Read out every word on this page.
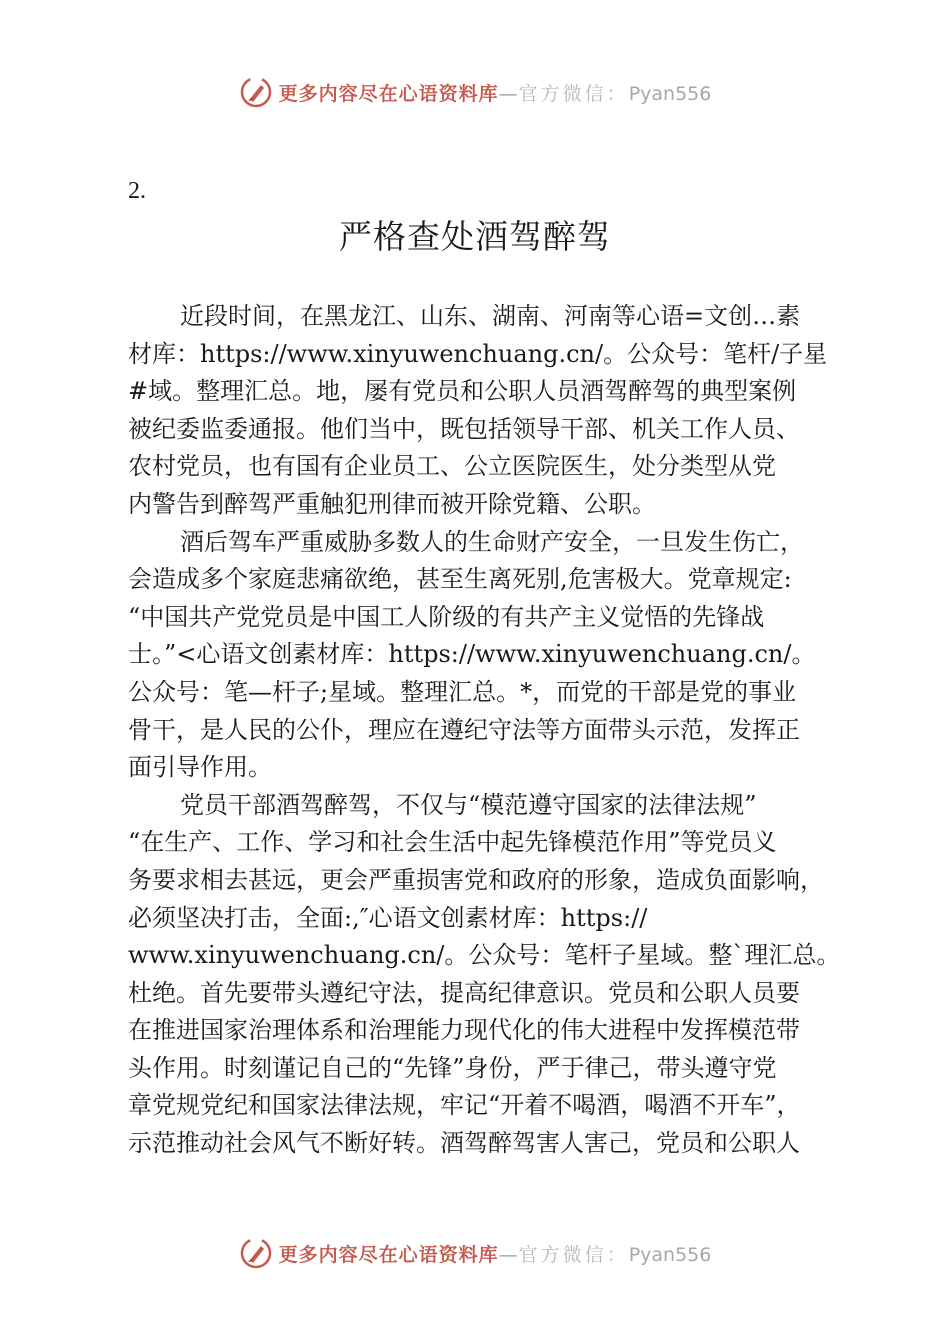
更多内容尽在心语资料库—官方微信：Pyan556
2.
严格查处酒驾醉驾
近段时间，在黑龙江、山东、湖南、河南等心语=文创…素
材库：https://www.xinyuwenchuang.cn/。公众号：笔杆/子星
#域。整理汇总。地，屡有党员和公职人员酒驾醉驾的典型案例
被纪委监委通报。他们当中，既包括领导干部、机关工作人员、
农村党员，也有国有企业员工、公立医院医生，处分类型从党
内警告到醉驾严重触犯刑律而被开除党籍、公职。
酒后驾车严重威胁多数人的生命财产安全，一旦发生伤亡，
会造成多个家庭悲痛欲绝，甚至生离死别,危害极大。党章规定:
“中国共产党党员是中国工人阶级的有共产主义觉悟的先锋战
士。”<心语文创素材库：https://www.xinyuwenchuang.cn/。
公众号：笔—杆子;星域。整理汇总。*，而党的干部是党的事业
骨干，是人民的公仆，理应在遵纪守法等方面带头示范，发挥正
面引导作用。
党员干部酒驾醉驾，不仅与“模范遵守国家的法律法规”
“在生产、工作、学习和社会生活中起先锋模范作用”等党员义
务要求相去甚远，更会严重损害党和政府的形象，造成负面影响，
必须坚决打击，全面:,″心语文创素材库：https://
www.xinyuwenchuang.cn/。公众号：笔杆子星域。整`理汇总。
杜绝。首先要带头遵纪守法，提高纪律意识。党员和公职人员要
在推进国家治理体系和治理能力现代化的伟大进程中发挥模范带
头作用。时刻谨记自己的“先锋”身份，严于律己，带头遵守党
章党规党纪和国家法律法规，牢记“开着不喝酒，喝酒不开车”，
示范推动社会风气不断好转。酒驾醉驾害人害己，党员和公职人
更多内容尽在心语资料库—官方微信：Pyan556
